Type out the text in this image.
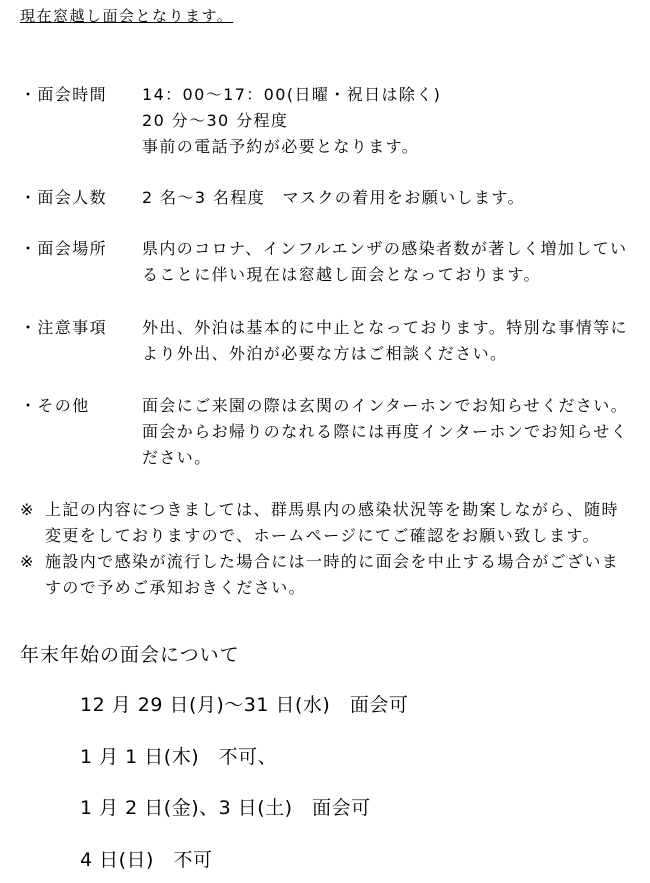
現在窓越し面会となります。
・面会時間 14：00～17：00(日曜・祝日は除く)
20 分～30 分程度
事前の電話予約が必要となります。
・面会人数 2 名～3 名程度　マスクの着用をお願いします。
・面会場所 県内のコロナ、インフルエンザの感染者数が著しく増加してい
ることに伴い現在は窓越し面会となっております。
・注意事項 外出、外泊は基本的に中止となっております。特別な事情等に
より外出、外泊が必要な方はご相談ください。
・その他	面会にご来園の際は玄関のインターホンでお知らせください。
面会からお帰りのなれる際には再度インターホンでお知らせく
ださい。
※ 上記の内容につきましては、群馬県内の感染状況等を勘案しながら、随時
変更をしておりますので、ホームページにてご確認をお願い致します。
※ 施設内で感染が流行した場合には一時的に面会を中止する場合がございま
すので予めご承知おきください。
年末年始の面会について
12 月 29 日(月)～31 日(水)　面会可
1 月 1 日(木)　不可、
1 月 2 日(金)、3 日(土)　面会可
4 日(日)　不可
